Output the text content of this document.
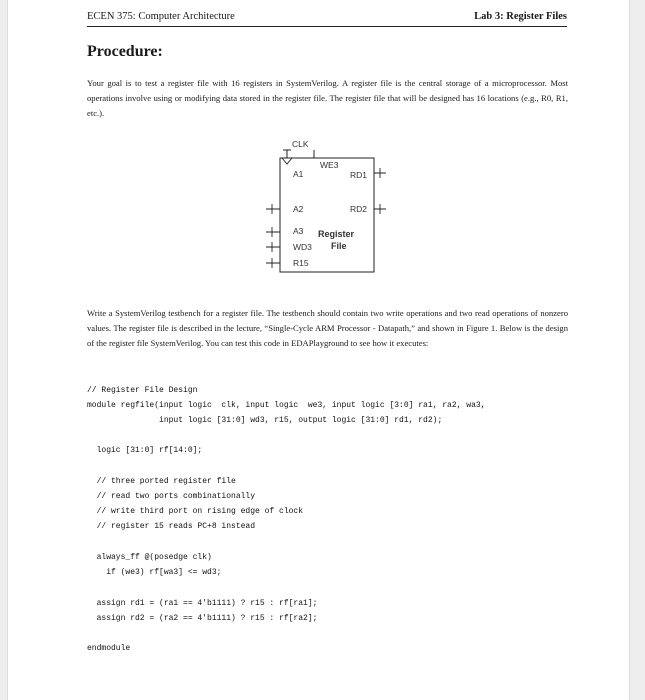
ECEN 375: Computer Architecture	Lab 3: Register Files
Procedure:
Your goal is to test a register file with 16 registers in SystemVerilog. A register file is the central storage of a microprocessor. Most operations involve using or modifying data stored in the register file. The register file that will be designed has 16 locations (e.g., R0, R1, etc.).
CLK
WE3
A1	RD1
A2	RD2
A3 Register
WD3 File
R15
Write a SystemVerilog testbench for a register file. The testbench should contain two write operations and two read operations of nonzero values. The register file is described in the lecture, “Single-Cycle ARM Processor - Datapath,” and shown in Figure 1. Below is the design of the register file SystemVerilog. You can test this code in EDAPlayground to see how it executes:
// Register File Design
module regfile(input logic  clk, input logic  we3, input logic [3:0] ra1, ra2, wa3,
input logic [31:0] wd3, r15, output logic [31:0] rd1, rd2);
logic [31:0] rf[14:0];
// three ported register file
// read two ports combinationally
// write third port on rising edge of clock
// register 15 reads PC+8 instead
always_ff @(posedge clk)
if (we3) rf[wa3] <= wd3;
assign rd1 = (ra1 == 4'b1111) ? r15 : rf[ra1];
assign rd2 = (ra2 == 4'b1111) ? r15 : rf[ra2];
endmodule
